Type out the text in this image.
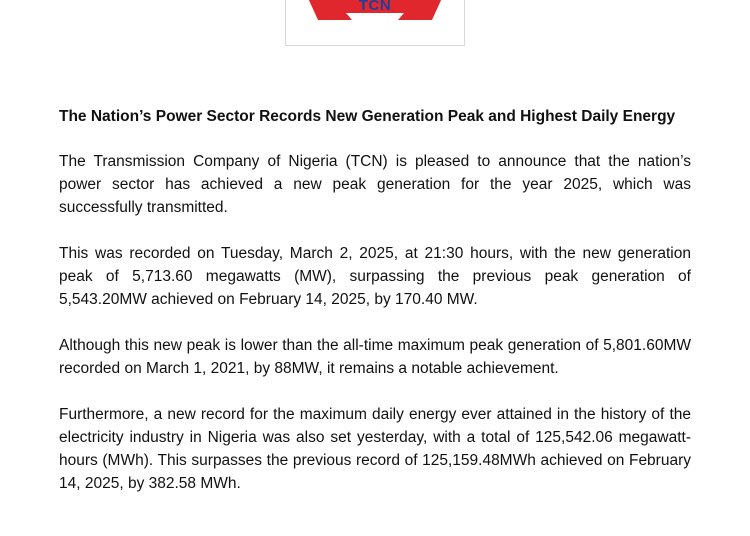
TCN
The Nation’s Power Sector Records New Generation Peak and Highest Daily Energy

The Transmission Company of Nigeria (TCN) is pleased to announce that the nation’s power sector has achieved a new peak generation for the year 2025, which was successfully transmitted.

This was recorded on Tuesday, March 2, 2025, at 21:30 hours, with the new generation peak of 5,713.60 megawatts (MW), surpassing the previous peak generation of 5,543.20MW achieved on February 14, 2025, by 170.40 MW.

Although this new peak is lower than the all-time maximum peak generation of 5,801.60MW recorded on March 1, 2021, by 88MW, it remains a notable achievement.

Furthermore, a new record for the maximum daily energy ever attained in the history of the electricity industry in Nigeria was also set yesterday, with a total of 125,542.06 megawatt-hours (MWh). This surpasses the previous record of 125,159.48MWh achieved on February 14, 2025, by 382.58 MWh.
